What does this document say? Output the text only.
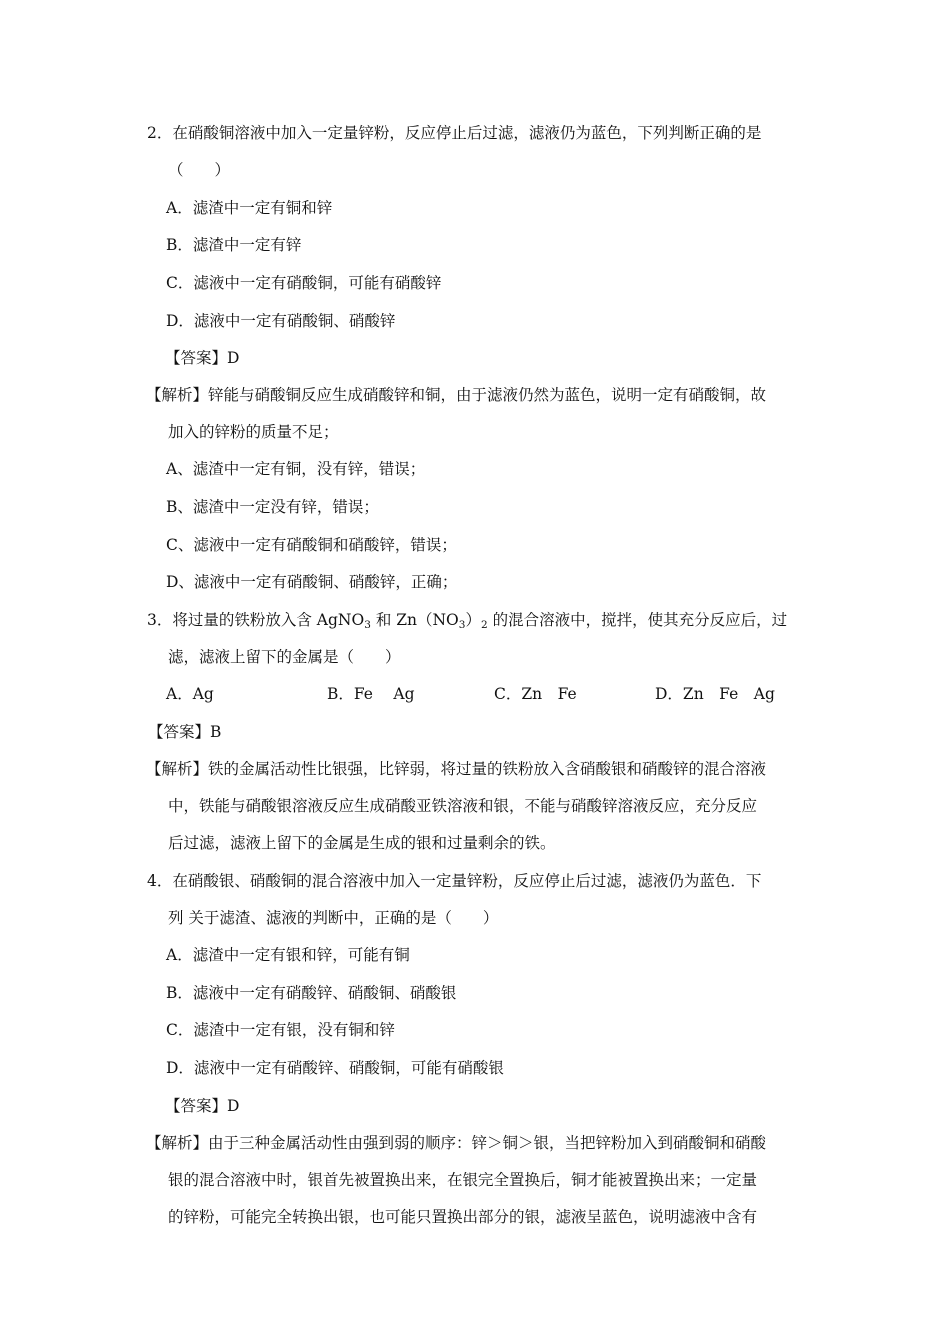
2．在硝酸铜溶液中加入一定量锌粉，反应停止后过滤，滤液仍为蓝色，下列判断正确的是
（　　）
A．滤渣中一定有铜和锌
B．滤渣中一定有锌
C．滤液中一定有硝酸铜，可能有硝酸锌
D．滤液中一定有硝酸铜、硝酸锌
【答案】D
【解析】锌能与硝酸铜反应生成硝酸锌和铜，由于滤液仍然为蓝色，说明一定有硝酸铜，故
加入的锌粉的质量不足；
A、滤渣中一定有铜，没有锌，错误；
B、滤渣中一定没有锌，错误；
C、滤液中一定有硝酸铜和硝酸锌，错误；
D、滤液中一定有硝酸铜、硝酸锌，正确；
3．将过量的铁粉放入含 AgNO$_3$ 和 $Zn(NO_3)_2$ 的混合溶液中，搅拌，使其充分反应后，过
滤，滤液上留下的金属是（　　）
A．Ag	B．Fe　 Ag	C．Zn　Fe	D．Zn　Fe　Ag
【答案】B
【解析】铁的金属活动性比银强，比锌弱，将过量的铁粉放入含硝酸银和硝酸锌的混合溶液
中，铁能与硝酸银溶液反应生成硝酸亚铁溶液和银，不能与硝酸锌溶液反应，充分反应
后过滤，滤液上留下的金属是生成的银和过量剩余的铁。
4．在硝酸银、硝酸铜的混合溶液中加入一定量锌粉，反应停止后过滤，滤液仍为蓝色．下
列 关于滤渣、滤液的判断中，正确的是（　　）
A．滤渣中一定有银和锌，可能有铜
B．滤液中一定有硝酸锌、硝酸铜、硝酸银
C．滤渣中一定有银，没有铜和锌
D．滤液中一定有硝酸锌、硝酸铜，可能有硝酸银
【答案】D
【解析】由于三种金属活动性由强到弱的顺序：锌＞铜＞银，当把锌粉加入到硝酸铜和硝酸
银的混合溶液中时，银首先被置换出来，在银完全置换后，铜才能被置换出来；一定量
的锌粉，可能完全转换出银，也可能只置换出部分的银，滤液呈蓝色，说明滤液中含有
